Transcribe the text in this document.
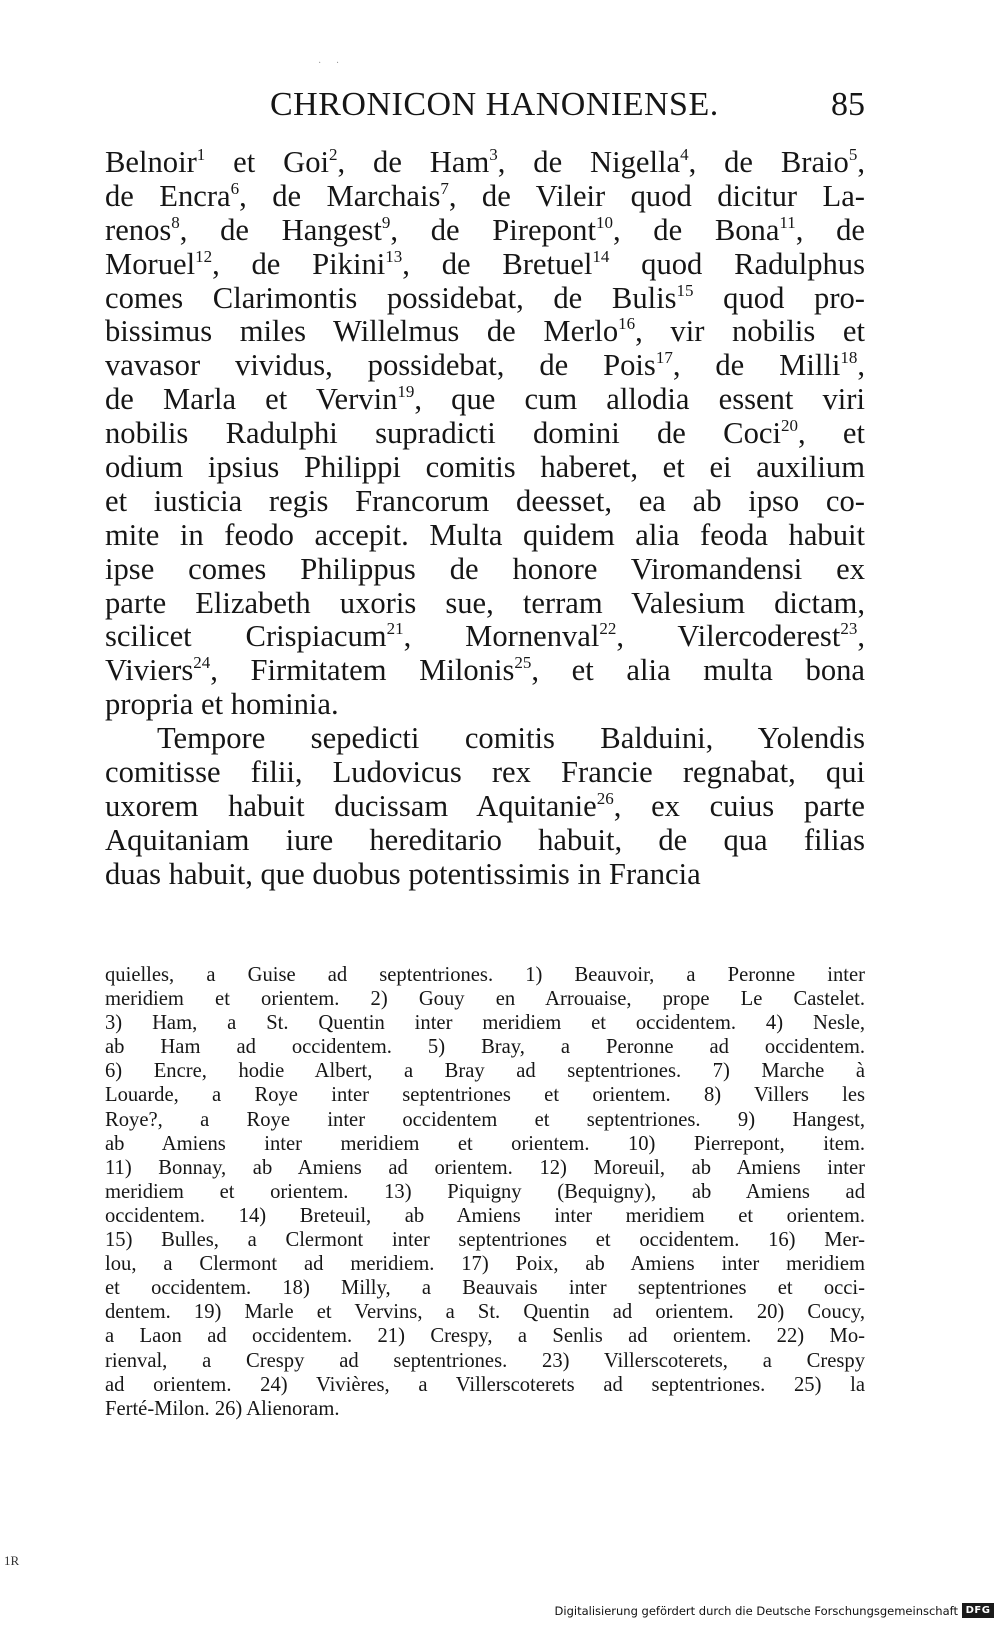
· ·
CHRONICON HANONIENSE.	85
Belnoir$^1$ et Goi$^2$, de Ham$^3$, de Nigella$^4$, de Braio$^5$,
de Encra$^6$, de Marchais$^7$, de Vileir quod dicitur La-
renos$^8$, de Hangest$^9$, de Pirepont$^{10}$, de Bona$^{11}$, de
Moruel$^{12}$, de Pikini$^{13}$, de Bretuel$^{14}$ quod Radulphus
comes Clarimontis possidebat, de Bulis$^{15}$ quod pro-
bissimus miles Willelmus de Merlo$^{16}$, vir nobilis et
vavasor vividus, possidebat, de Pois$^{17}$, de Milli$^{18}$,
de Marla et Vervin$^{19}$, que cum allodia essent viri
nobilis Radulphi supradicti domini de Coci$^{20}$, et
odium ipsius Philippi comitis haberet, et ei auxilium
et iusticia regis Francorum deesset, ea ab ipso co-
mite in feodo accepit. Multa quidem alia feoda habuit
ipse comes Philippus de honore Viromandensi ex
parte Elizabeth uxoris sue, terram Valesium dictam,
scilicet Crispiacum$^{21}$, Mornenval$^{22}$, Vilercoderest$^{23}$,
Viviers$^{24}$, Firmitatem Milonis$^{25}$, et alia multa bona
propria et hominia.
Tempore sepedicti comitis Balduini, Yolendis
comitisse filii, Ludovicus rex Francie regnabat, qui
uxorem habuit ducissam Aquitanie$^{26}$, ex cuius parte
Aquitaniam iure hereditario habuit, de qua filias
duas habuit, que duobus potentissimis in Francia
quielles, a Guise ad septentriones. 1) Beauvoir, a Peronne inter
meridiem et orientem. 2) Gouy en Arrouaise, prope Le Castelet.
3) Ham, a St. Quentin inter meridiem et occidentem. 4) Nesle,
ab Ham ad occidentem. 5) Bray, a Peronne ad occidentem.
6) Encre, hodie Albert, a Bray ad septentriones. 7) Marche à
Louarde, a Roye inter septentriones et orientem. 8) Villers les
Roye?, a Roye inter occidentem et septentriones. 9) Hangest,
ab Amiens inter meridiem et orientem. 10) Pierrepont, item.
11) Bonnay, ab Amiens ad orientem. 12) Moreuil, ab Amiens inter
meridiem et orientem. 13) Piquigny (Bequigny), ab Amiens ad
occidentem. 14) Breteuil, ab Amiens inter meridiem et orientem.
15) Bulles, a Clermont inter septentriones et occidentem. 16) Mer-
lou, a Clermont ad meridiem. 17) Poix, ab Amiens inter meridiem
et occidentem. 18) Milly, a Beauvais inter septentriones et occi-
dentem. 19) Marle et Vervins, a St. Quentin ad orientem. 20) Coucy,
a Laon ad occidentem. 21) Crespy, a Senlis ad orientem. 22) Mo-
rienval, a Crespy ad septentriones. 23) Villerscoterets, a Crespy
ad orientem. 24) Vivières, a Villerscoterets ad septentriones. 25) la
Ferté-Milon. 26) Alienoram.
1R
Digitalisierung gefördert durch die Deutsche Forschungsgemeinschaft DFG
